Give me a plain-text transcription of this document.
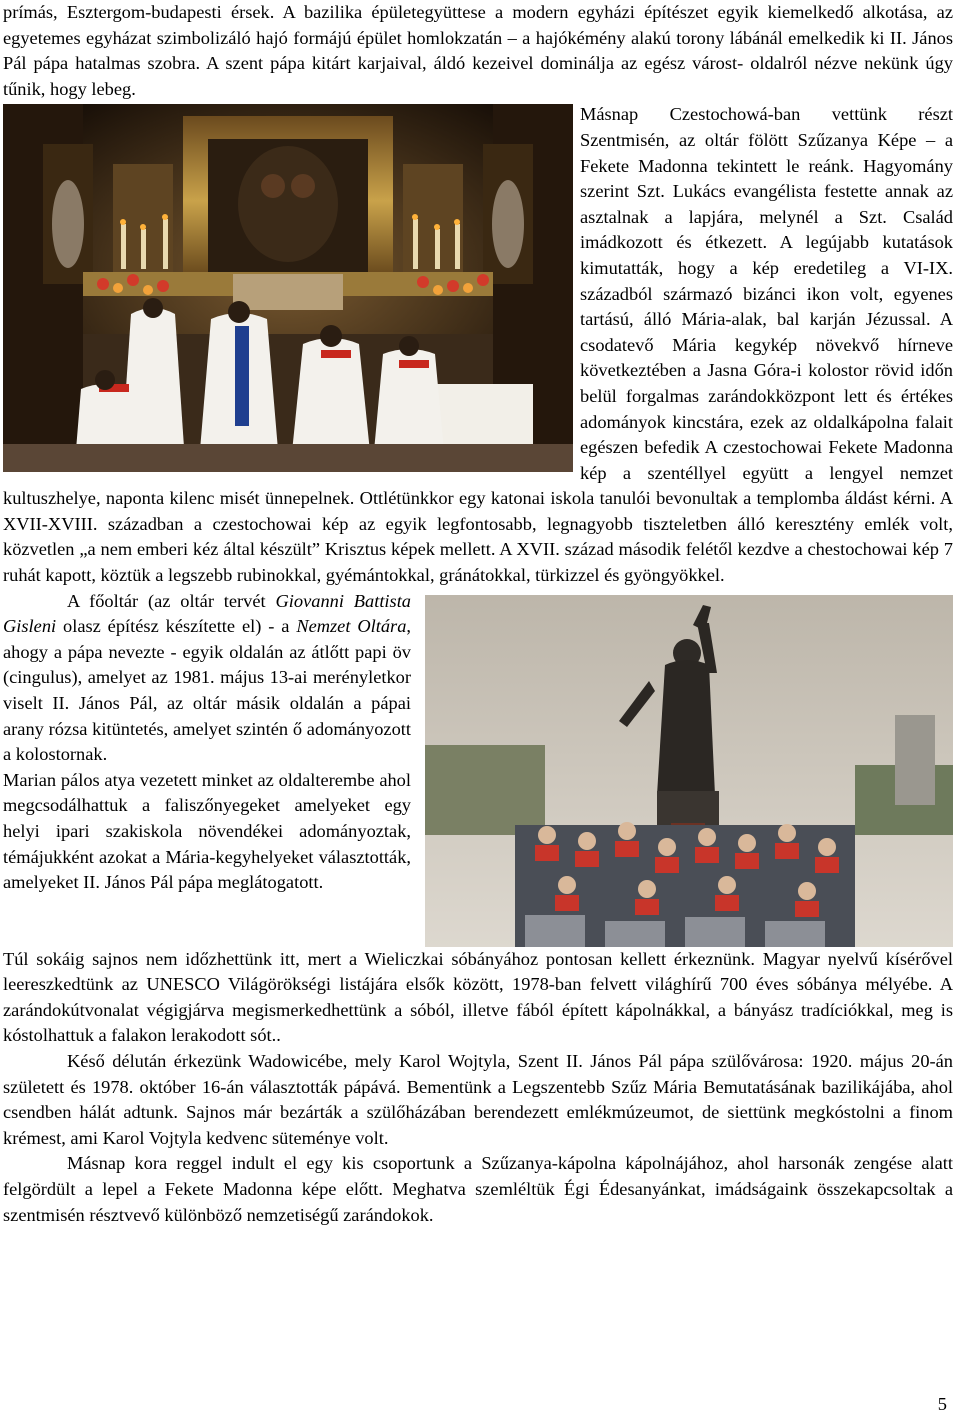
prímás, Esztergom-budapesti érsek. A bazilika épületegyüttese a modern egyházi építészet egyik kiemelkedő alkotása, az egyetemes egyházat szimbolizáló hajó formájú épület homlokzatán – a hajókémény alakú torony lábánál emelkedik ki II. János Pál pápa hatalmas szobra. A szent pápa kitárt karjaival, áldó kezeivel dominálja az egész várost- oldalról nézve nekünk úgy tűnik, hogy lebeg.

Másnap Czestochowá-ban vettünk részt Szentmisén, az oltár fölött Szűzanya Képe – a Fekete Madonna tekintett le reánk. Hagyomány szerint Szt. Lukács evangélista festette annak az asztalnak a lapjára, melynél a Szt. Család imádkozott és étkezett. A legújabb kutatások kimutatták, hogy a kép eredetileg a VI-IX. századból származó bizánci ikon volt, egyenes tartású, álló Mária-alak, bal karján Jézussal. A csodatevő Mária kegykép növekvő hírneve következtében a Jasna Góra-i kolostor rövid időn belül forgalmas zarándokközpont lett és értékes adományok kincstára, ezek az oldalkápolna falait egészen befedik A czestochowai Fekete Madonna kép a szentéllyel együtt a lengyel nemzet kultuszhelye, naponta kilenc misét ünnepelnek. Ottlétünkkor egy katonai iskola tanulói bevonultak a templomba áldást kérni. A XVII-XVIII. században a czestochowai kép az egyik legfontosabb, legnagyobb tiszteletben álló keresztény emlék volt, közvetlen „a nem emberi kéz által készült” Krisztus képek mellett. A XVII. század második felétől kezdve a chestochowai kép 7 ruhát kapott, köztük a legszebb rubinokkal, gyémántokkal, gránátokkal, türkizzel és gyöngyökkel.

A főoltár (az oltár tervét Giovanni Battista Gisleni olasz építész készítette el) - a Nemzet Oltára, ahogy a pápa nevezte - egyik oldalán az átlőtt papi öv (cingulus), amelyet az 1981. május 13-ai merényletkor viselt II. János Pál, az oltár másik oldalán a pápai arany rózsa kitüntetés, amelyet szintén ő adományozott a kolostornak.

Marian pálos atya vezetett minket az oldalterembe ahol megcsodálhattuk a faliszőnyegeket amelyeket egy helyi ipari szakiskola növendékei adományoztak, témájukként azokat a Mária-kegyhelyeket választották, amelyeket II. János Pál pápa meglátogatott.

Túl sokáig sajnos nem időzhettünk itt, mert a Wieliczkai sóbányához pontosan kellett érkeznünk. Magyar nyelvű kísérővel leereszkedtünk az UNESCO Világörökségi listájára elsők között, 1978-ban felvett világhírű 700 éves sóbánya mélyébe. A zarándokútvonalat végigjárva megismerkedhettünk a sóból, illetve fából épített kápolnákkal, a bányász tradíciókkal, meg is kóstolhattuk a falakon lerakodott sót..

Késő délután érkezünk Wadowicébe, mely Karol Wojtyla, Szent II. János Pál pápa szülővárosa: 1920. május 20-án született és 1978. október 16-án választották pápává. Bementünk a Legszentebb Szűz Mária Bemutatásának bazilikájába, ahol csendben hálát adtunk. Sajnos már bezárták a szülőházában berendezett emlékmúzeumot, de siettünk megkóstolni a finom krémest, ami Karol Vojtyla kedvenc süteménye volt.

Másnap kora reggel indult el egy kis csoportunk a Szűzanya-kápolna kápolnájához, ahol harsonák zengése alatt felgördült a lepel a Fekete Madonna képe előtt. Meghatva szemléltük Égi Édesanyánkat, imádságaink összekapcsoltak a szentmisén résztvevő különböző nemzetiségű zarándokok.

5
